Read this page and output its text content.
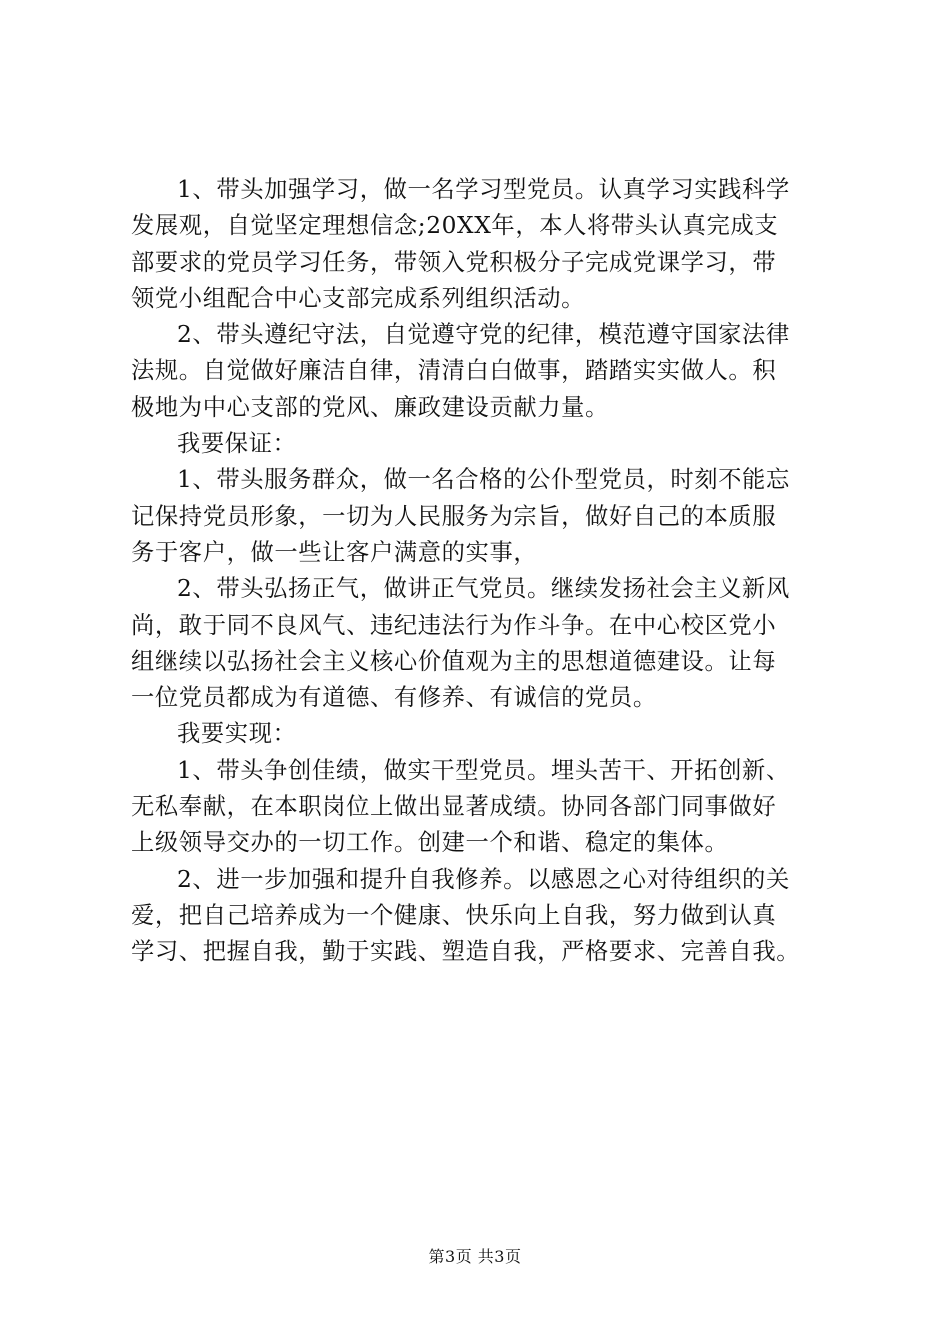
1、带头加强学习，做一名学习型党员。认真学习实践科学
发展观，自觉坚定理想信念;20XX年，本人将带头认真完成支
部要求的党员学习任务，带领入党积极分子完成党课学习，带
领党小组配合中心支部完成系列组织活动。
2、带头遵纪守法，自觉遵守党的纪律，模范遵守国家法律
法规。自觉做好廉洁自律，清清白白做事，踏踏实实做人。积
极地为中心支部的党风、廉政建设贡献力量。
我要保证：
1、带头服务群众，做一名合格的公仆型党员，时刻不能忘
记保持党员形象，一切为人民服务为宗旨，做好自己的本质服
务于客户，做一些让客户满意的实事，
2、带头弘扬正气，做讲正气党员。继续发扬社会主义新风
尚，敢于同不良风气、违纪违法行为作斗争。在中心校区党小
组继续以弘扬社会主义核心价值观为主的思想道德建设。让每
一位党员都成为有道德、有修养、有诚信的党员。
我要实现：
1、带头争创佳绩，做实干型党员。埋头苦干、开拓创新、
无私奉献，在本职岗位上做出显著成绩。协同各部门同事做好
上级领导交办的一切工作。创建一个和谐、稳定的集体。
2、进一步加强和提升自我修养。以感恩之心对待组织的关
爱，把自己培养成为一个健康、快乐向上自我，努力做到认真
学习、把握自我，勤于实践、塑造自我，严格要求、完善自我。
第3页 共3页
